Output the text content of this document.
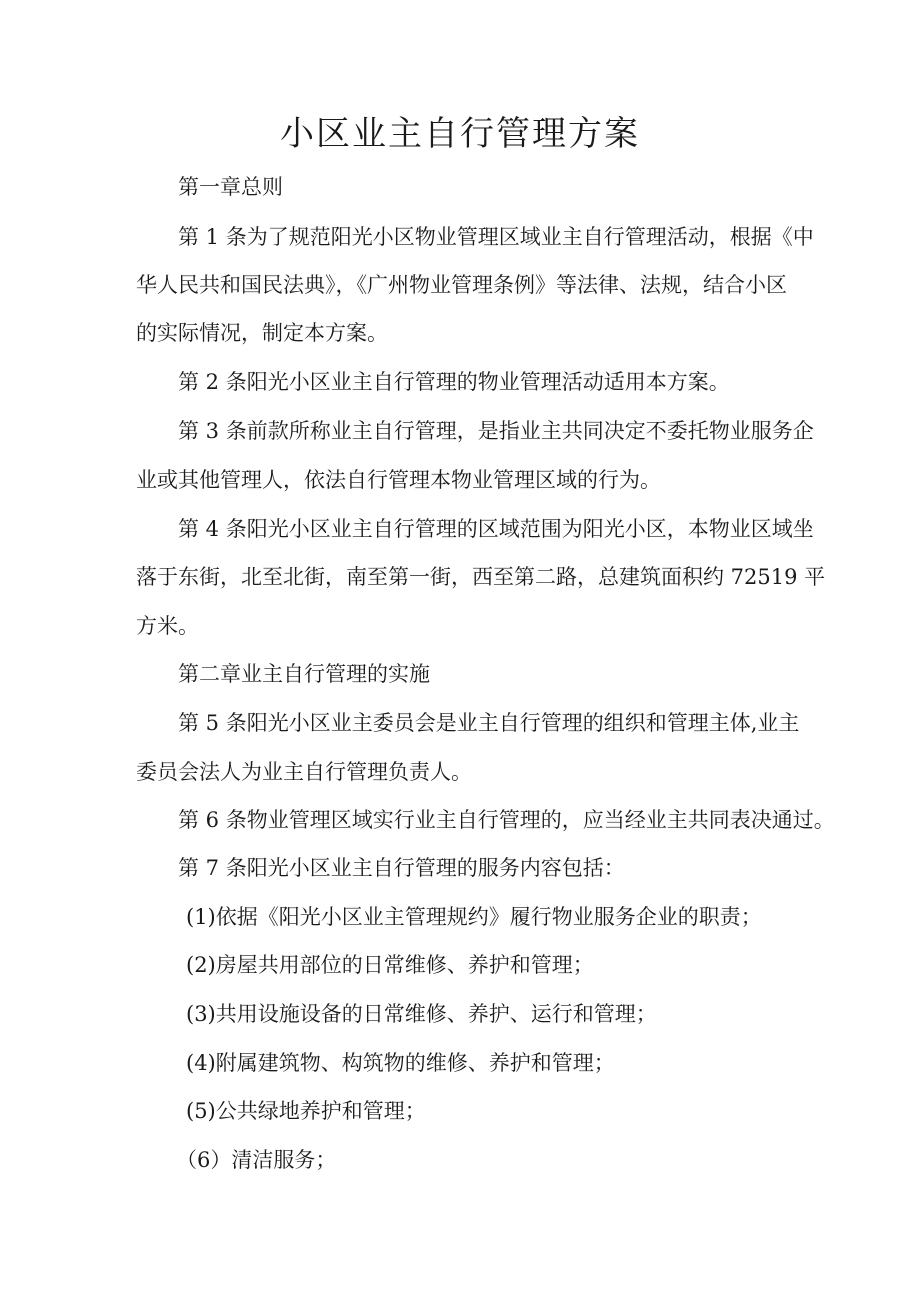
小区业主自行管理方案

第一章总则

第 1 条为了规范阳光小区物业管理区域业主自行管理活动，根据《中

华人民共和国民法典》，《广州物业管理条例》等法律、法规，结合小区

的实际情况，制定本方案。

第 2 条阳光小区业主自行管理的物业管理活动适用本方案。

第 3 条前款所称业主自行管理，是指业主共同决定不委托物业服务企

业或其他管理人，依法自行管理本物业管理区域的行为。

第 4 条阳光小区业主自行管理的区域范围为阳光小区，本物业区域坐

落于东街，北至北街，南至第一街，西至第二路，总建筑面积约 72519 平

方米。

第二章业主自行管理的实施

第 5 条阳光小区业主委员会是业主自行管理的组织和管理主体,业主

委员会法人为业主自行管理负责人。

第 6 条物业管理区域实行业主自行管理的，应当经业主共同表决通过。

第 7 条阳光小区业主自行管理的服务内容包括：

(1)依据《阳光小区业主管理规约》履行物业服务企业的职责；

(2)房屋共用部位的日常维修、养护和管理；

(3)共用设施设备的日常维修、养护、运行和管理；

(4)附属建筑物、构筑物的维修、养护和管理；

(5)公共绿地养护和管理；

（6）清洁服务；
